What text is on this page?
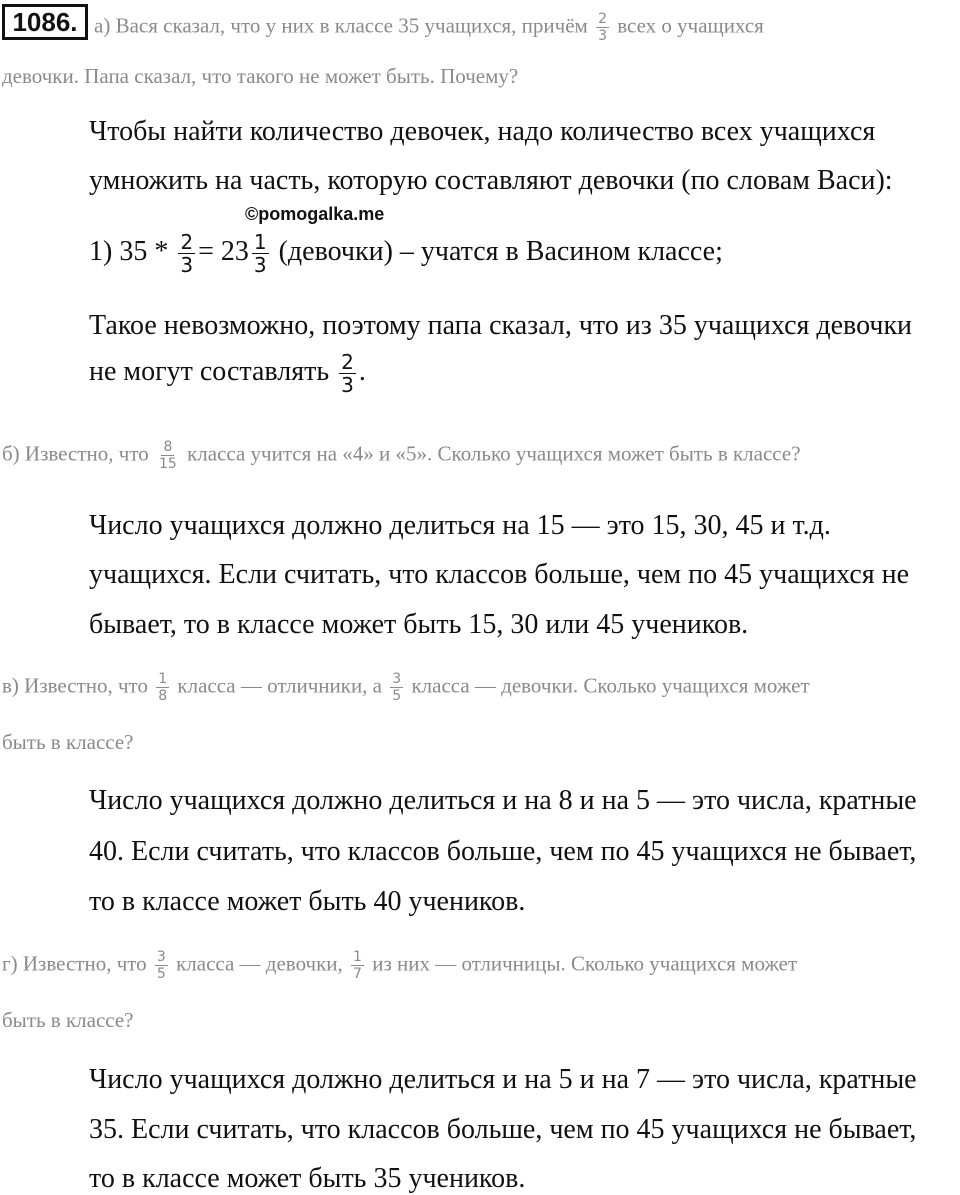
1086. а) Вася сказал, что у них в классе 35 учащихся, причём $\frac{2}{3}$ всех о учащихся
девочки. Папа сказал, что такого не может быть. Почему?
Чтобы найти количество девочек, надо количество всех учащихся
умножить на часть, которую составляют девочки (по словам Васи):
©pomogalka.me
1) $35 * \frac{2}{3} = 23 \frac{1}{3}$ (девочки) – учатся в Васином классе;
Такое невозможно, поэтому папа сказал, что из 35 учащихся девочки
не могут составлять $\frac{2}{3}$ .
б) Известно, что $\frac{8}{15}$ класса учится на «4» и «5». Сколько учащихся может быть в классе?
Число учащихся должно делиться на 15 — это 15, 30, 45 и т.д.
учащихся. Если считать, что классов больше, чем по 45 учащихся не
бывает, то в классе может быть 15, 30 или 45 учеников.
в) Известно, что $\frac{1}{8}$ класса — отличники, а $\frac{3}{5}$ класса — девочки. Сколько учащихся может
быть в классе?
Число учащихся должно делиться и на 8 и на 5 — это числа, кратные
40. Если считать, что классов больше, чем по 45 учащихся не бывает,
то в классе может быть 40 учеников.
г) Известно, что $\frac{3}{5}$ класса — девочки, $\frac{1}{7}$ из них — отличницы. Сколько учащихся может
быть в классе?
Число учащихся должно делиться и на 5 и на 7 — это числа, кратные
35. Если считать, что классов больше, чем по 45 учащихся не бывает,
то в классе может быть 35 учеников.
